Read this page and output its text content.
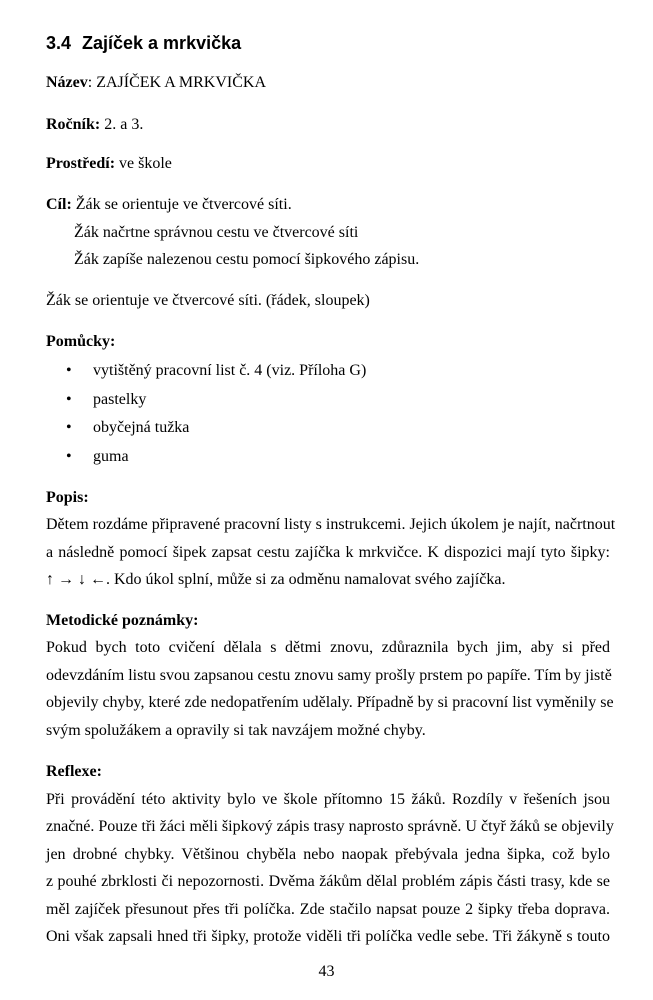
3.4 Zajíček a mrkvička
Název: ZAJÍČEK A MRKVIČKA
Ročník: 2. a 3.
Prostředí: ve škole
Cíl: Žák se orientuje ve čtvercové síti.
Žák načrtne správnou cestu ve čtvercové síti
Žák zapíše nalezenou cestu pomocí šipkového zápisu.
Žák se orientuje ve čtvercové síti. (řádek, sloupek)
Pomůcky:
• vytištěný pracovní list č. 4 (viz. Příloha G)
• pastelky
• obyčejná tužka
• guma
Popis:
Dětem rozdáme připravené pracovní listy s instrukcemi. Jejich úkolem je najít, načrtnout
a následně pomocí šipek zapsat cestu zajíčka k mrkvičce. K dispozici mají tyto šipky:
↑ → ↓ ←. Kdo úkol splní, může si za odměnu namalovat svého zajíčka.
Metodické poznámky:
Pokud bych toto cvičení dělala s dětmi znovu, zdůraznila bych jim, aby si před
odevzdáním listu svou zapsanou cestu znovu samy prošly prstem po papíře. Tím by jistě
objevily chyby, které zde nedopatřením udělaly. Případně by si pracovní list vyměnily se
svým spolužákem a opravily si tak navzájem možné chyby.
Reflexe:
Při provádění této aktivity bylo ve škole přítomno 15 žáků. Rozdíly v řešeních jsou
značné. Pouze tři žáci měli šipkový zápis trasy naprosto správně. U čtyř žáků se objevily
jen drobné chybky. Většinou chyběla nebo naopak přebývala jedna šipka, což bylo
z pouhé zbrklosti či nepozornosti. Dvěma žákům dělal problém zápis části trasy, kde se
měl zajíček přesunout přes tři políčka. Zde stačilo napsat pouze 2 šipky třeba doprava.
Oni však zapsali hned tři šipky, protože viděli tři políčka vedle sebe. Tři žákyně s touto
43
